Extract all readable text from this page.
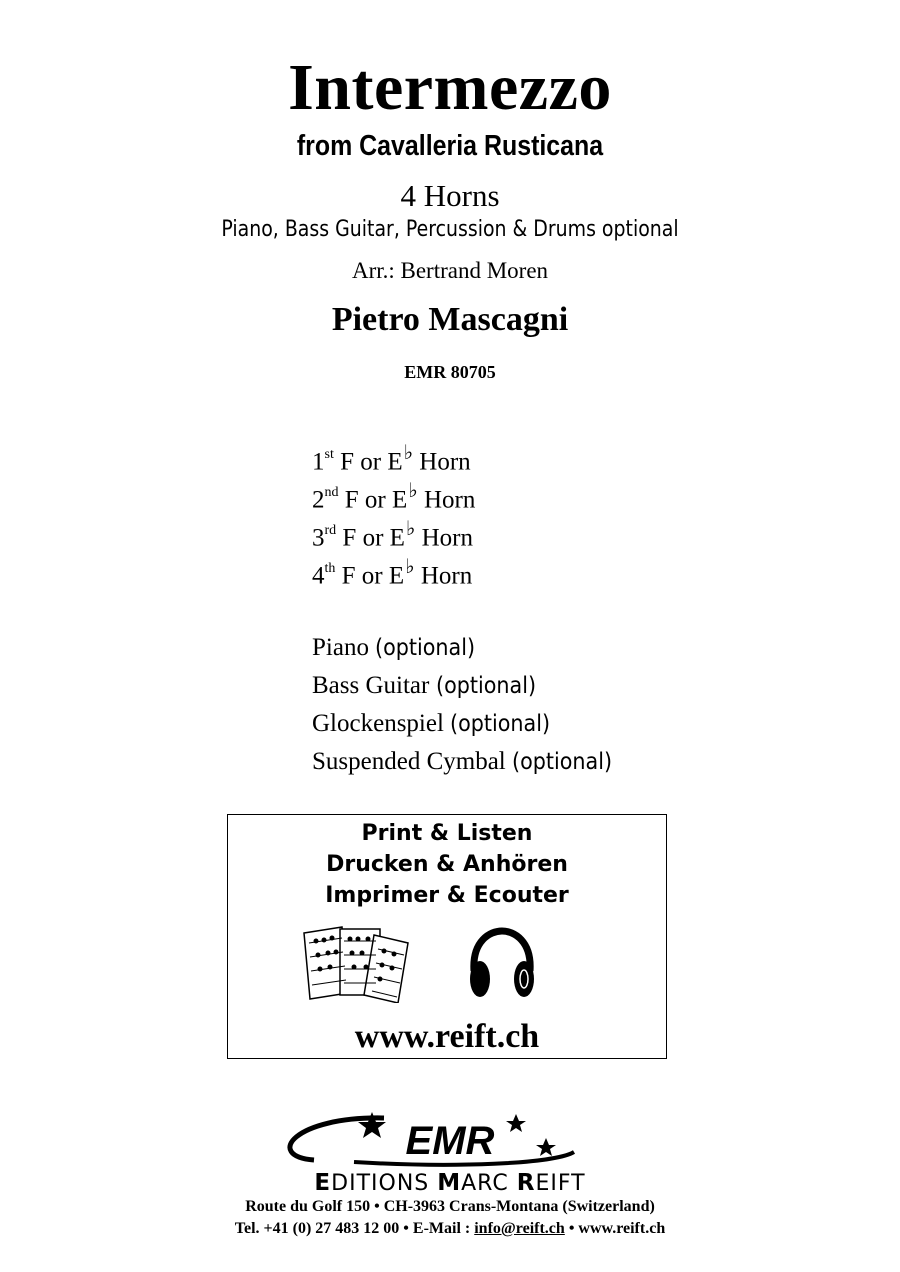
Intermezzo
from Cavalleria Rusticana
4 Horns
Piano, Bass Guitar, Percussion & Drums optional
Arr.: Bertrand Moren
Pietro Mascagni
EMR 80705
1st F or E♭ Horn
2nd F or E♭ Horn
3rd F or E♭ Horn
4th F or E♭ Horn
Piano (optional)
Bass Guitar (optional)
Glockenspiel (optional)
Suspended Cymbal (optional)
Print & Listen
Drucken & Anhören
Imprimer & Ecouter
www.reift.ch
EMR
EDITIONS MARC REIFT
Route du Golf 150 • CH-3963 Crans-Montana (Switzerland)
Tel. +41 (0) 27 483 12 00 • E-Mail : info@reift.ch • www.reift.ch
